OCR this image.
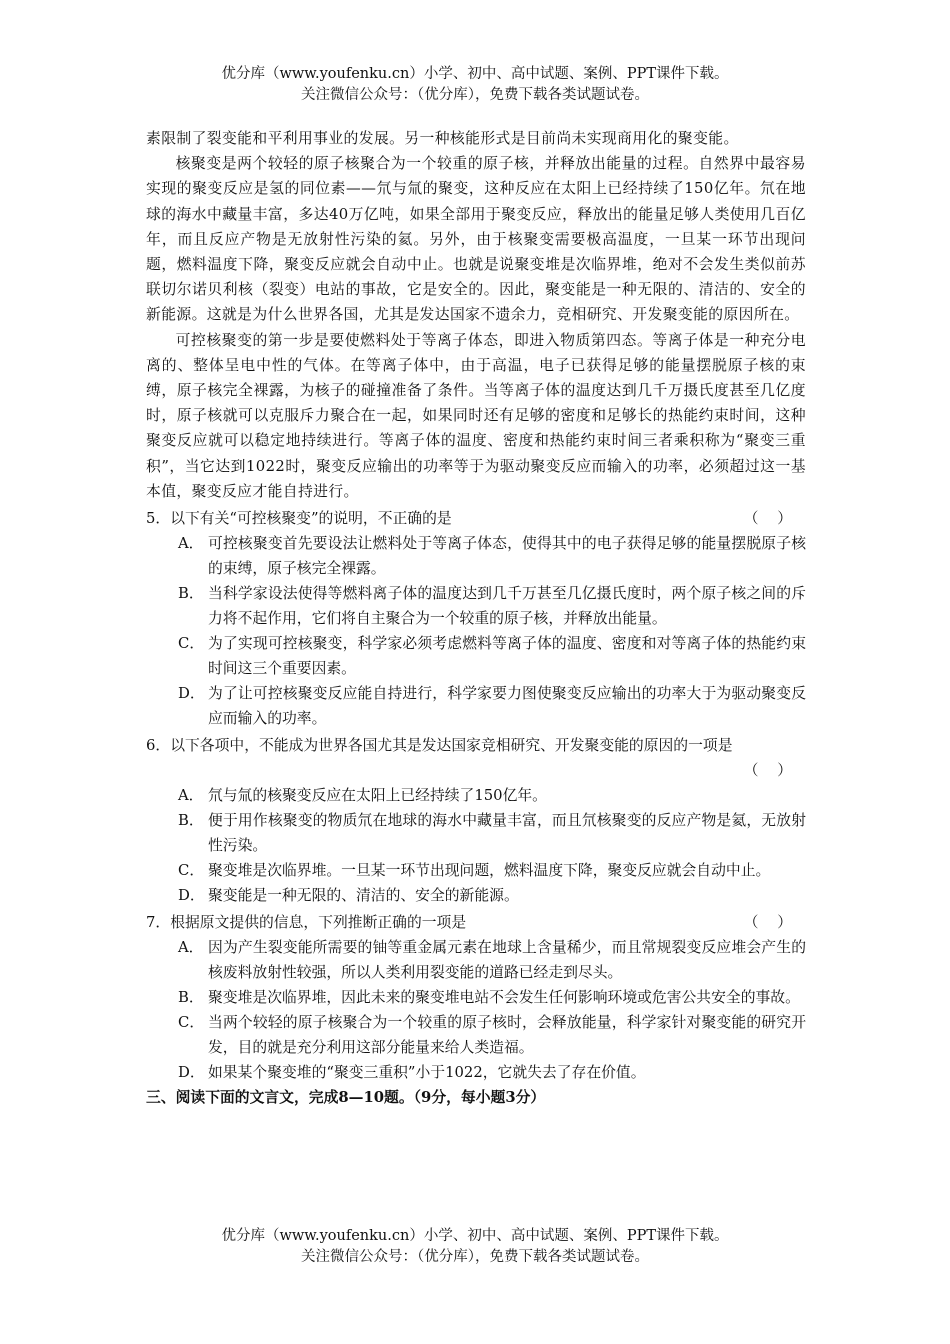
优分库（www.youfenku.cn）小学、初中、高中试题、案例、PPT课件下载。
关注微信公众号：（优分库），免费下载各类试题试卷。

素限制了裂变能和平利用事业的发展。另一种核能形式是目前尚未实现商用化的聚变能。

核聚变是两个较轻的原子核聚合为一个较重的原子核，并释放出能量的过程。自然界中最容易实现的聚变反应是氢的同位素——氘与氚的聚变，这种反应在太阳上已经持续了150亿年。氘在地球的海水中藏量丰富，多达40万亿吨，如果全部用于聚变反应，释放出的能量足够人类使用几百亿年，而且反应产物是无放射性污染的氦。另外，由于核聚变需要极高温度，一旦某一环节出现问题，燃料温度下降，聚变反应就会自动中止。也就是说聚变堆是次临界堆，绝对不会发生类似前苏联切尔诺贝利核（裂变）电站的事故，它是安全的。因此，聚变能是一种无限的、清洁的、安全的新能源。这就是为什么世界各国，尤其是发达国家不遗余力，竞相研究、开发聚变能的原因所在。

可控核聚变的第一步是要使燃料处于等离子体态，即进入物质第四态。等离子体是一种充分电离的、整体呈电中性的气体。在等离子体中，由于高温，电子已获得足够的能量摆脱原子核的束缚，原子核完全裸露，为核子的碰撞准备了条件。当等离子体的温度达到几千万摄氏度甚至几亿度时，原子核就可以克服斥力聚合在一起，如果同时还有足够的密度和足够长的热能约束时间，这种聚变反应就可以稳定地持续进行。等离子体的温度、密度和热能约束时间三者乘积称为“聚变三重积”，当它达到1022时，聚变反应输出的功率等于为驱动聚变反应而输入的功率，必须超过这一基本值，聚变反应才能自持进行。

5．以下有关“可控核聚变”的说明，不正确的是	（    ）
A． 可控核聚变首先要设法让燃料处于等离子体态，使得其中的电子获得足够的能量摆脱原子核的束缚，原子核完全裸露。
B． 当科学家设法使得等燃料离子体的温度达到几千万甚至几亿摄氏度时，两个原子核之间的斥力将不起作用，它们将自主聚合为一个较重的原子核，并释放出能量。
C． 为了实现可控核聚变，科学家必须考虑燃料等离子体的温度、密度和对等离子体的热能约束时间这三个重要因素。
D． 为了让可控核聚变反应能自持进行，科学家要力图使聚变反应输出的功率大于为驱动聚变反应而输入的功率。
6．以下各项中，不能成为世界各国尤其是发达国家竞相研究、开发聚变能的原因的一项是
（    ）
A． 氘与氚的核聚变反应在太阳上已经持续了150亿年。
B． 便于用作核聚变的物质氘在地球的海水中藏量丰富，而且氘核聚变的反应产物是氦，无放射性污染。
C． 聚变堆是次临界堆。一旦某一环节出现问题，燃料温度下降，聚变反应就会自动中止。
D． 聚变能是一种无限的、清洁的、安全的新能源。
7．根据原文提供的信息，下列推断正确的一项是	（    ）
A． 因为产生裂变能所需要的铀等重金属元素在地球上含量稀少，而且常规裂变反应堆会产生的核废料放射性较强，所以人类利用裂变能的道路已经走到尽头。
B． 聚变堆是次临界堆，因此未来的聚变堆电站不会发生任何影响环境或危害公共安全的事故。
C． 当两个较轻的原子核聚合为一个较重的原子核时，会释放能量，科学家针对聚变能的研究开发，目的就是充分利用这部分能量来给人类造福。
D． 如果某个聚变堆的“聚变三重积”小于1022，它就失去了存在价值。
三、阅读下面的文言文，完成8—10题。（9分，每小题3分）
优分库（www.youfenku.cn）小学、初中、高中试题、案例、PPT课件下载。
关注微信公众号：（优分库），免费下载各类试题试卷。
